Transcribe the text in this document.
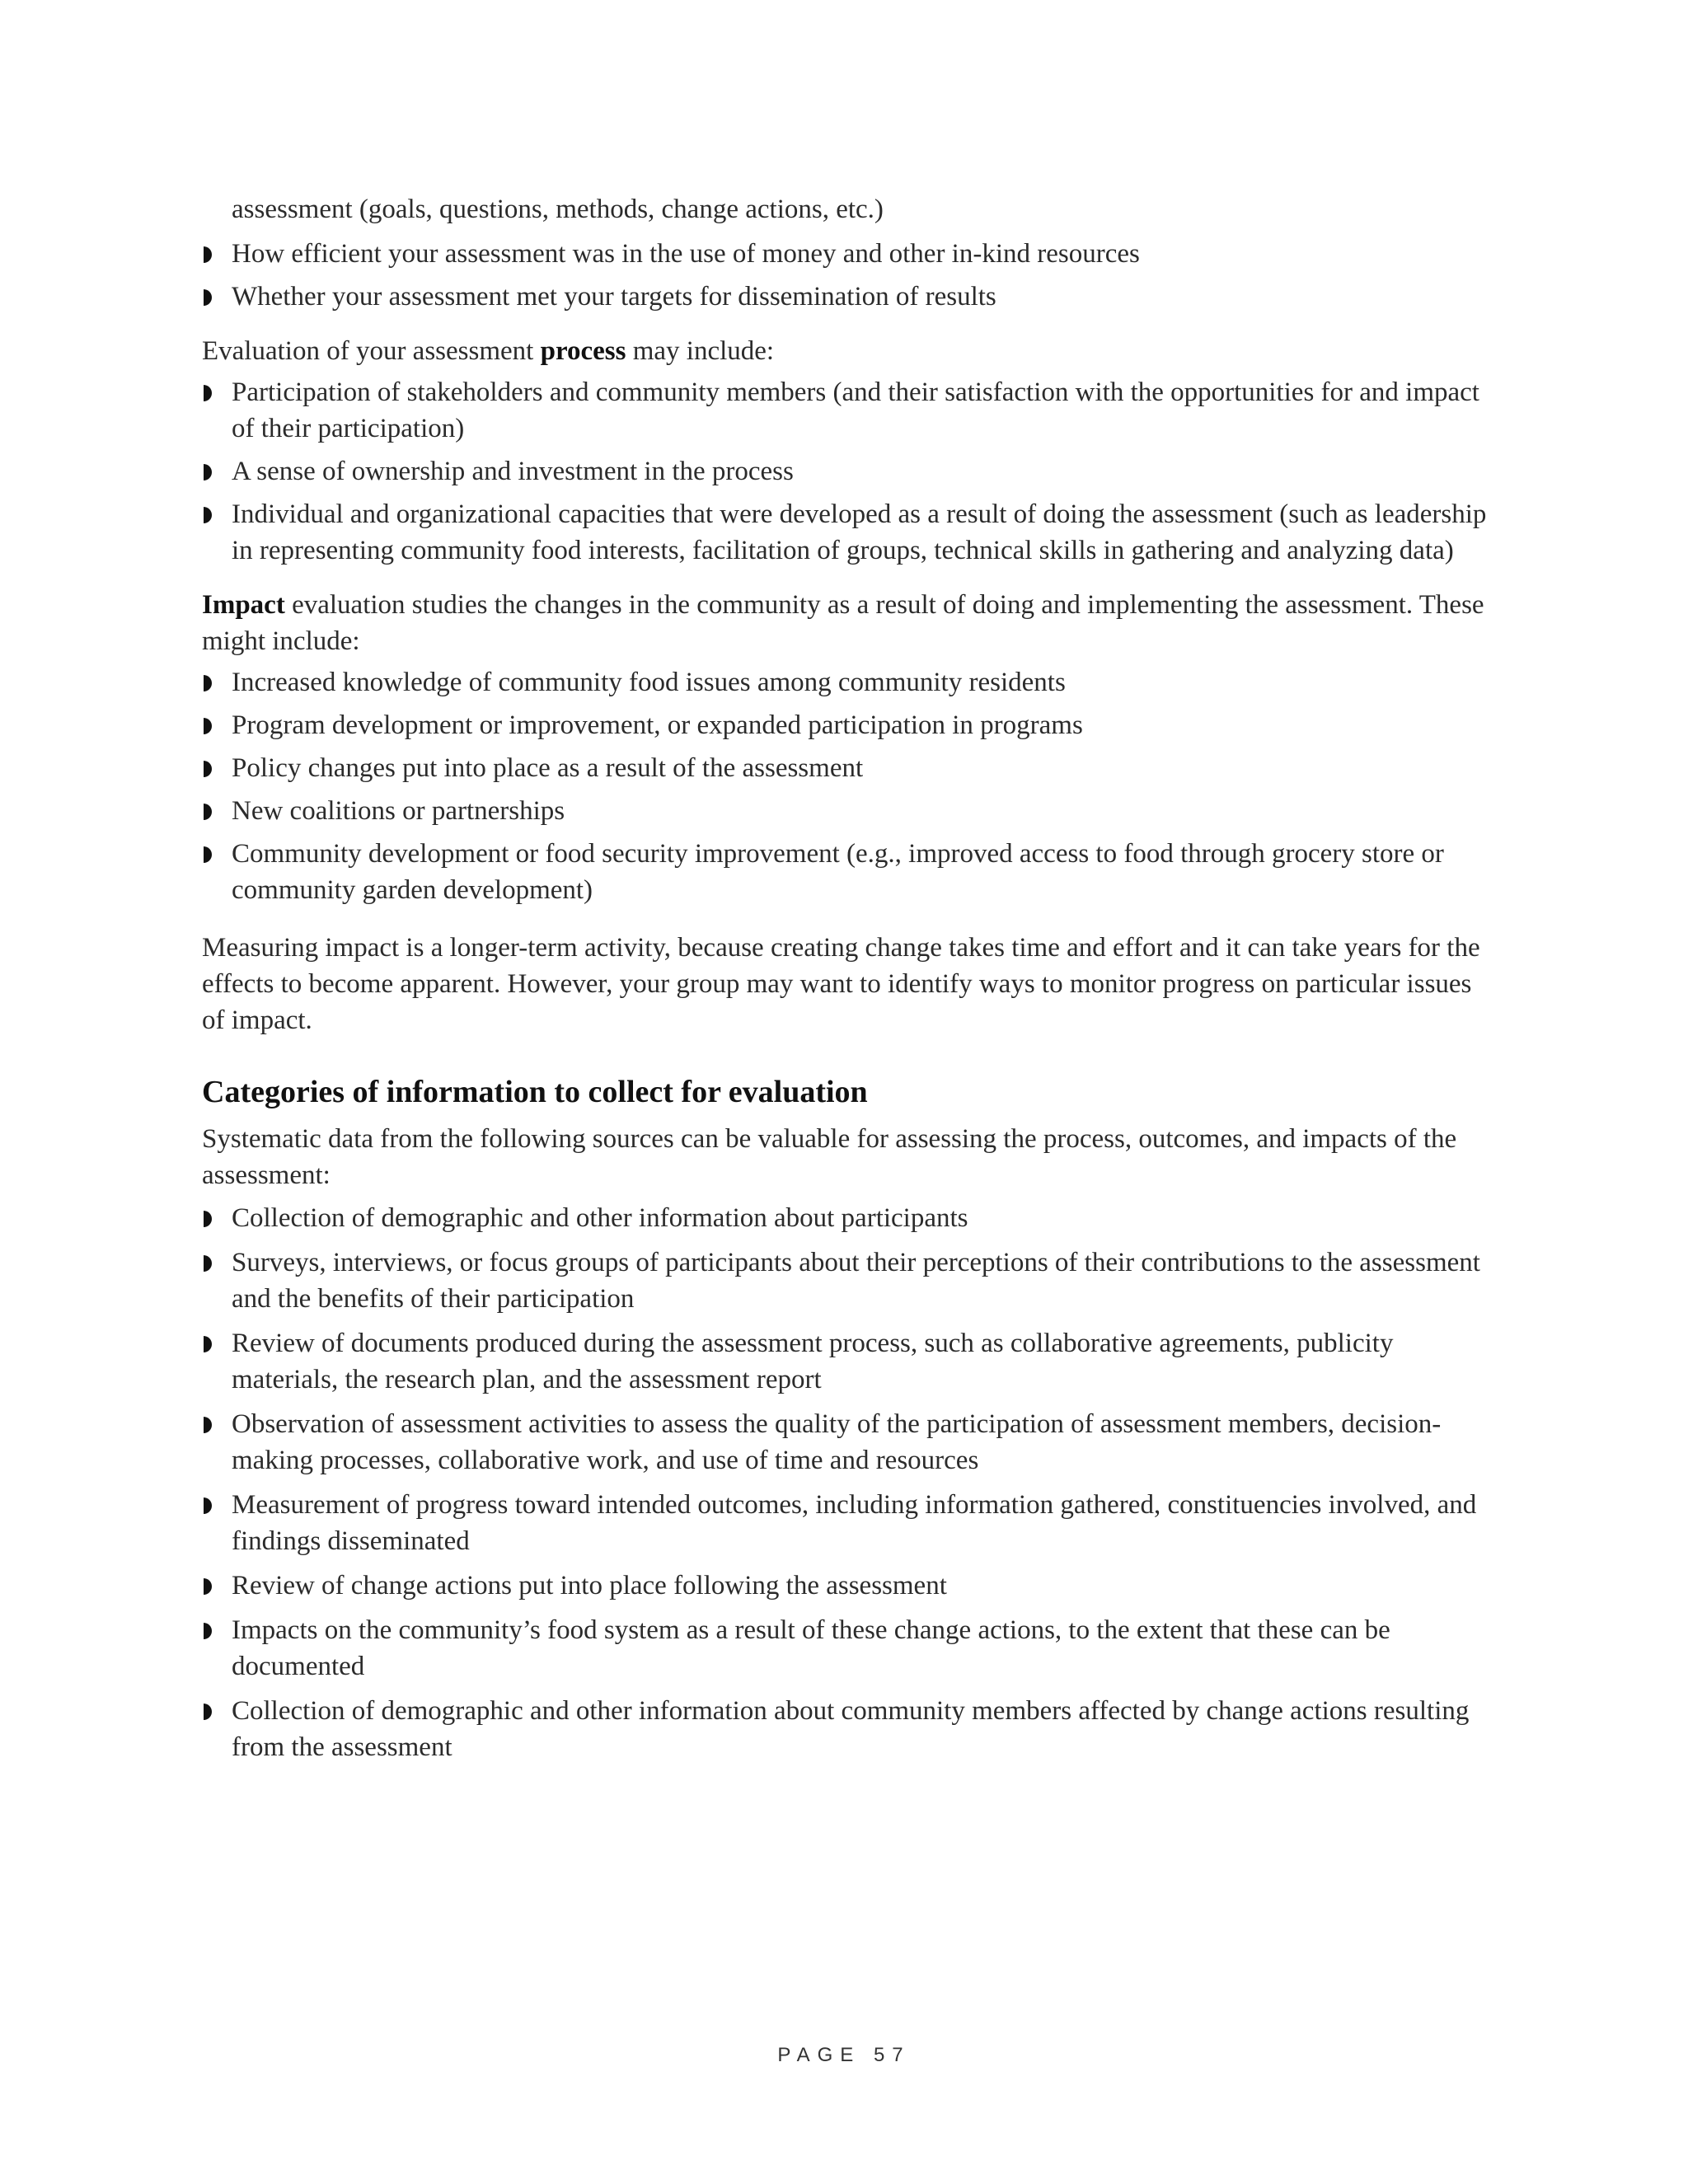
assessment (goals, questions, methods, change actions, etc.)
How efficient your assessment was in the use of money and other in-kind resources
Whether your assessment met your targets for dissemination of results

Evaluation of your assessment process may include:

Participation of stakeholders and community members (and their satisfaction with the opportunities for and impact of their participation)
A sense of ownership and investment in the process
Individual and organizational capacities that were developed as a result of doing the assessment (such as leadership in representing community food interests, facilitation of groups, technical skills in gathering and analyzing data)

Impact evaluation studies the changes in the community as a result of doing and implementing the assessment. These might include:

Increased knowledge of community food issues among community residents
Program development or improvement, or expanded participation in programs
Policy changes put into place as a result of the assessment
New coalitions or partnerships
Community development or food security improvement (e.g., improved access to food through grocery store or community garden development)

Measuring impact is a longer-term activity, because creating change takes time and effort and it can take years for the effects to become apparent. However, your group may want to identify ways to monitor progress on particular issues of impact.

Categories of information to collect for evaluation

Systematic data from the following sources can be valuable for assessing the process, outcomes, and impacts of the assessment:

Collection of demographic and other information about participants
Surveys, interviews, or focus groups of participants about their perceptions of their contributions to the assessment and the benefits of their participation
Review of documents produced during the assessment process, such as collaborative agreements, publicity materials, the research plan, and the assessment report
Observation of assessment activities to assess the quality of the participation of assessment members, decision-making processes, collaborative work, and use of time and resources
Measurement of progress toward intended outcomes, including information gathered, constituencies involved, and findings disseminated
Review of change actions put into place following the assessment
Impacts on the community’s food system as a result of these change actions, to the extent that these can be documented
Collection of demographic and other information about community members affected by change actions resulting from the assessment
PAGE 57
